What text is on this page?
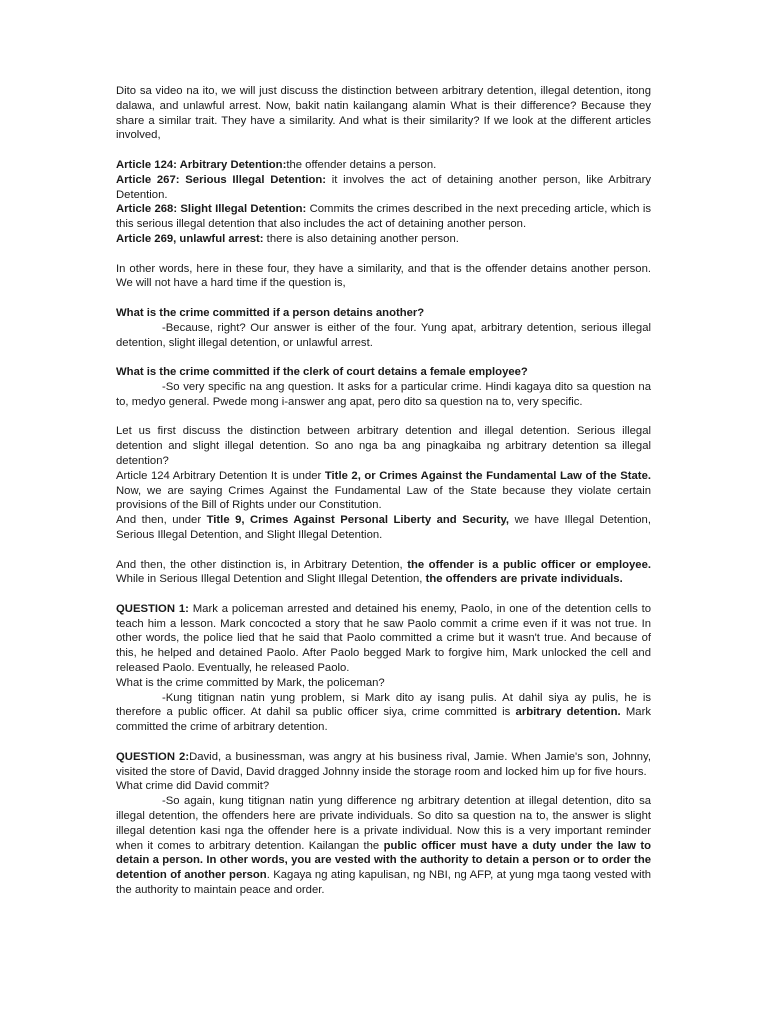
Dito sa video na ito, we will just discuss the distinction between arbitrary detention, illegal detention, itong dalawa, and unlawful arrest. Now, bakit natin kailangang alamin What is their difference? Because they share a similar trait. They have a similarity. And what is their similarity? If we look at the different articles involved,

Article 124: Arbitrary Detention:the offender detains a person.

Article 267: Serious Illegal Detention: it involves the act of detaining another person, like Arbitrary Detention.

Article 268: Slight Illegal Detention: Commits the crimes described in the next preceding article, which is this serious illegal detention that also includes the act of detaining another person.

Article 269, unlawful arrest: there is also detaining another person.

In other words, here in these four, they have a similarity, and that is the offender detains another person. We will not have a hard time if the question is,

What is the crime committed if a person detains another?

-Because, right? Our answer is either of the four. Yung apat, arbitrary detention, serious illegal detention, slight illegal detention, or unlawful arrest.

What is the crime committed if the clerk of court detains a female employee?

-So very specific na ang question. It asks for a particular crime. Hindi kagaya dito sa question na to, medyo general. Pwede mong i-answer ang apat, pero dito sa question na to, very specific.

Let us first discuss the distinction between arbitrary detention and illegal detention. Serious illegal detention and slight illegal detention. So ano nga ba ang pinagkaiba ng arbitrary detention sa illegal detention?

Article 124 Arbitrary Detention It is under Title 2, or Crimes Against the Fundamental Law of the State. Now, we are saying Crimes Against the Fundamental Law of the State because they violate certain provisions of the Bill of Rights under our Constitution.

And then, under Title 9, Crimes Against Personal Liberty and Security, we have Illegal Detention, Serious Illegal Detention, and Slight Illegal Detention.

And then, the other distinction is, in Arbitrary Detention, the offender is a public officer or employee. While in Serious Illegal Detention and Slight Illegal Detention, the offenders are private individuals.

QUESTION 1: Mark a policeman arrested and detained his enemy, Paolo, in one of the detention cells to teach him a lesson. Mark concocted a story that he saw Paolo commit a crime even if it was not true. In other words, the police lied that he said that Paolo committed a crime but it wasn't true. And because of this, he helped and detained Paolo. After Paolo begged Mark to forgive him, Mark unlocked the cell and released Paolo. Eventually, he released Paolo.

What is the crime committed by Mark, the policeman?

-Kung titignan natin yung problem, si Mark dito ay isang pulis. At dahil siya ay pulis, he is therefore a public officer. At dahil sa public officer siya, crime committed is arbitrary detention. Mark committed the crime of arbitrary detention.

QUESTION 2:David, a businessman, was angry at his business rival, Jamie. When Jamie's son, Johnny, visited the store of David, David dragged Johnny inside the storage room and locked him up for five hours.

What crime did David commit?

-So again, kung titignan natin yung difference ng arbitrary detention at illegal detention, dito sa illegal detention, the offenders here are private individuals. So dito sa question na to, the answer is slight illegal detention kasi nga the offender here is a private individual. Now this is a very important reminder when it comes to arbitrary detention. Kailangan the public officer must have a duty under the law to detain a person. In other words, you are vested with the authority to detain a person or to order the detention of another person. Kagaya ng ating kapulisan, ng NBI, ng AFP, at yung mga taong vested with the authority to maintain peace and order.
